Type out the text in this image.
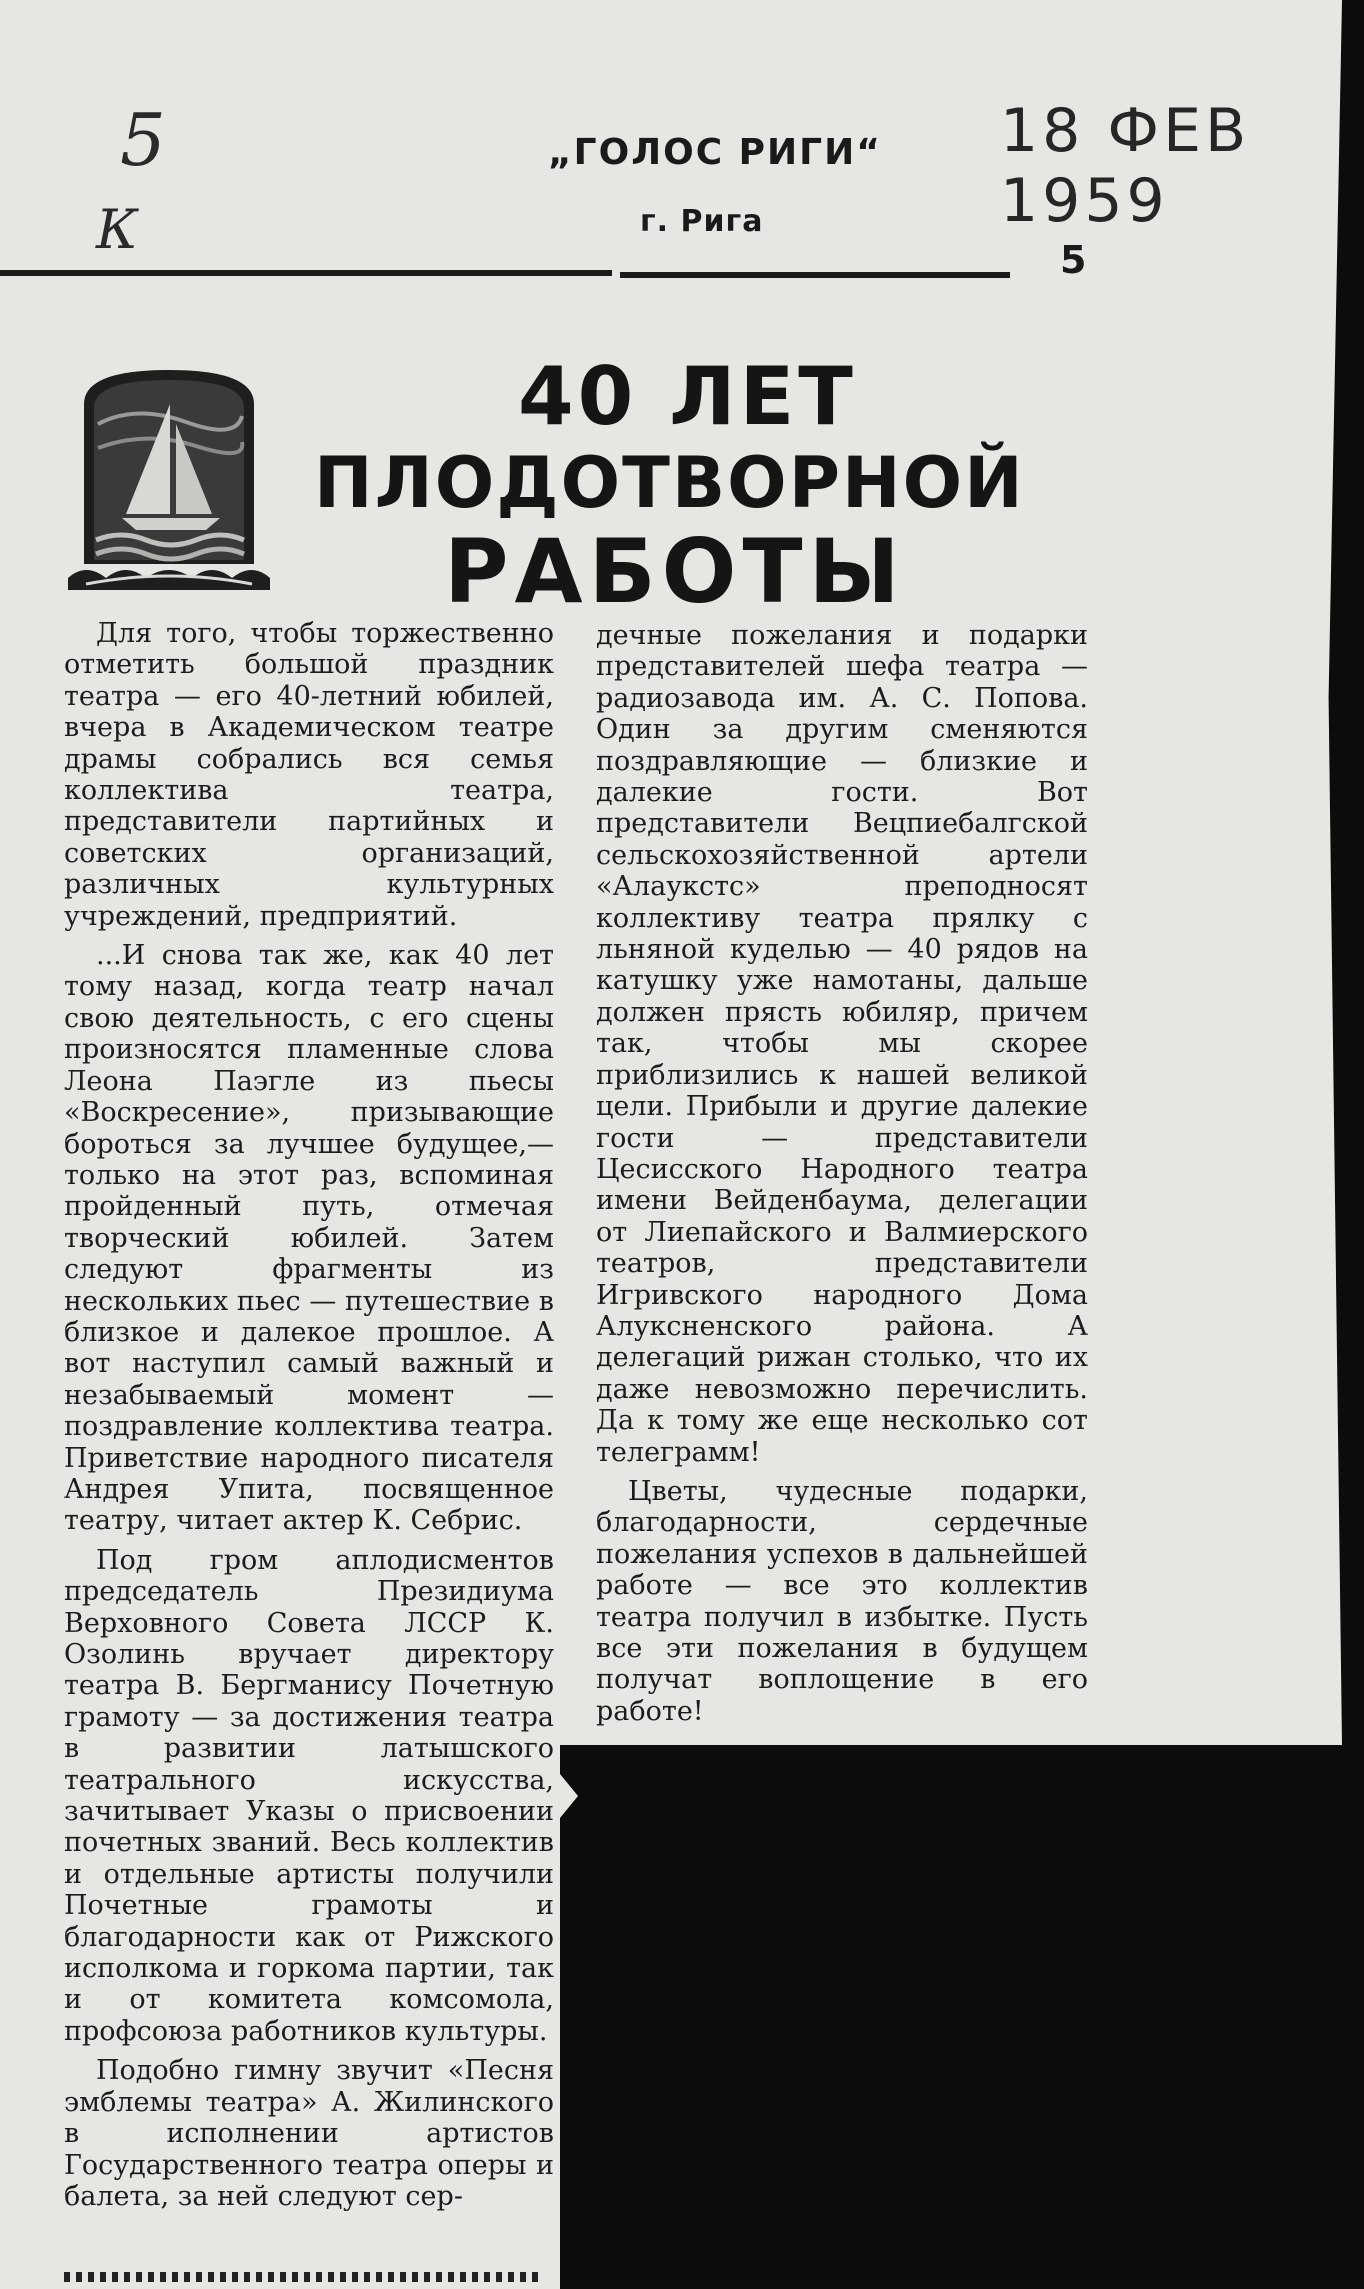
5
К
18 ФЕВ 1959
„ГОЛОС РИГИ“
г. Рига
5
40 ЛЕТ
ПЛОДОТВОРНОЙ
РАБОТЫ

Для того, чтобы торжественно отметить большой праздник театра — его 40-летний юбилей, вчера в Академическом театре драмы собрались вся семья коллектива театра, представители партийных и советских организаций, различных культурных учреждений, предприятий.

...И снова так же, как 40 лет тому назад, когда театр начал свою деятельность, с его сцены произносятся пламенные слова Леона Паэгле из пьесы «Воскресение», призывающие бороться за лучшее будущее,— только на этот раз, вспоминая пройденный путь, отмечая творческий юбилей. Затем следуют фрагменты из нескольких пьес — путешествие в близкое и далекое прошлое. А вот наступил самый важный и незабываемый момент — поздравление коллектива театра. Приветствие народного писателя Андрея Упита, посвященное театру, читает актер К. Себрис.

Под гром аплодисментов председатель Президиума Верховного Совета ЛССР К. Озолинь вручает директору театра В. Бергманису Почетную грамоту — за достижения театра в развитии латышского театрального искусства, зачитывает Указы о присвоении почетных званий. Весь коллектив и отдельные артисты получили Почетные грамоты и благодарности как от Рижского исполкома и горкома партии, так и от комитета комсомола, профсоюза работников культуры.

Подобно гимну звучит «Песня эмблемы театра» А. Жилинского в исполнении артистов Государственного театра оперы и балета, за ней следуют сер-

дечные пожелания и подарки представителей шефа театра — радиозавода им. А. С. Попова. Один за другим сменяются поздравляющие — близкие и далекие гости. Вот представители Вецпиебалгской сельскохозяйственной артели «Алаукстс» преподносят коллективу театра прялку с льняной куделью — 40 рядов на катушку уже намотаны, дальше должен прясть юбиляр, причем так, чтобы мы скорее приблизились к нашей великой цели. Прибыли и другие далекие гости — представители Цесисского Народного театра имени Вейденбаума, делегации от Лиепайского и Валмиерского театров, представители Игривского народного Дома Алуксненского района. А делегаций рижан столько, что их даже невозможно перечислить. Да к тому же еще несколько сот телеграмм!

Цветы, чудесные подарки, благодарности, сердечные пожелания успехов в дальнейшей работе — все это коллектив театра получил в избытке. Пусть все эти пожелания в будущем получат воплощение в его работе!
